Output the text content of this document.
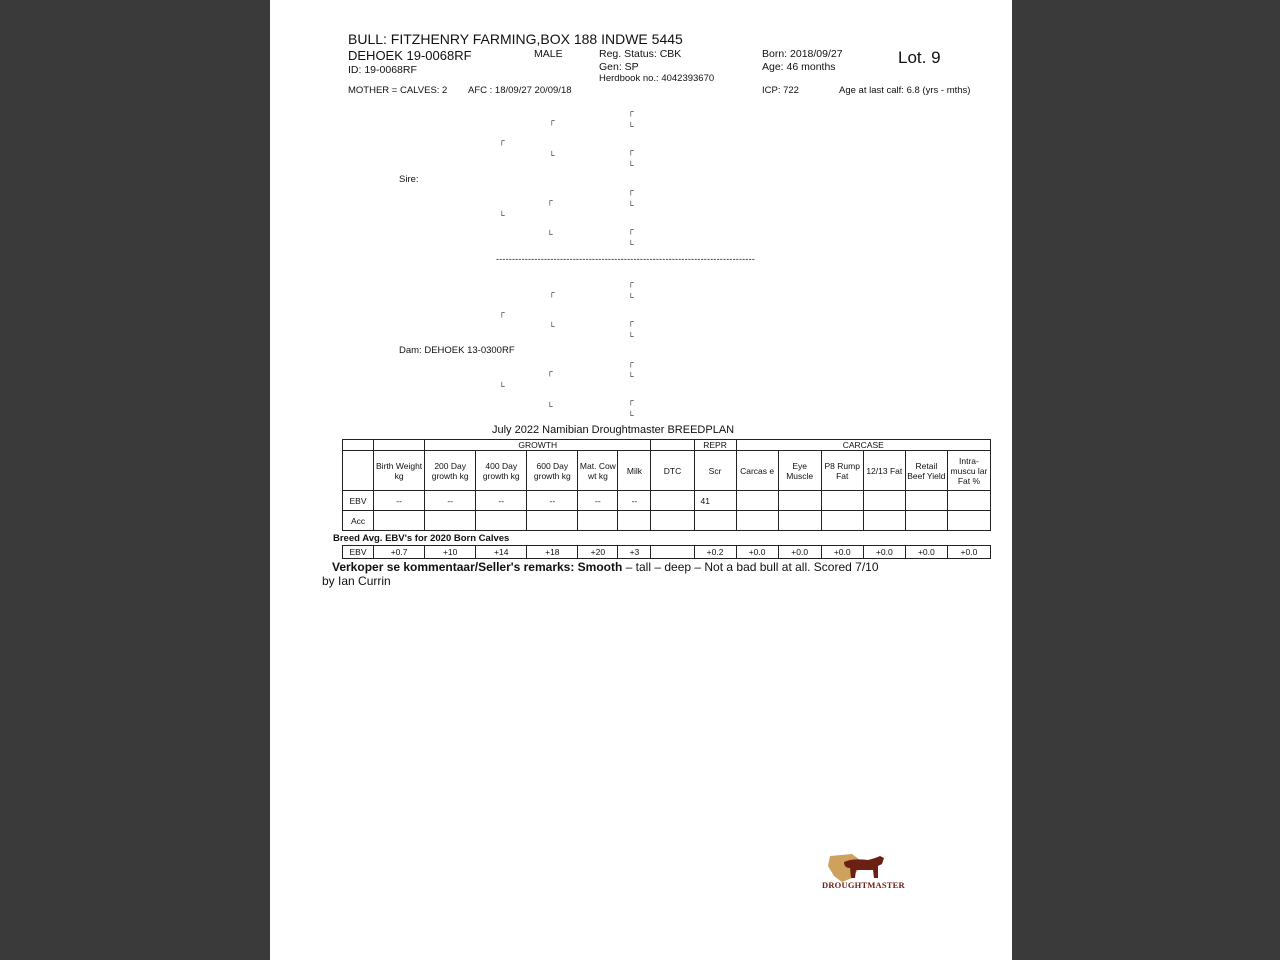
BULL: FITZHENRY FARMING,BOX 188 INDWE 5445
DEHOEK 19-0068RF	MALE	Reg. Status: CBK	Born: 2018/09/27	Lot. 9
ID: 19-0068RF	Gen: SP	Age: 46 months
Herdbook no.: 4042393670
MOTHER = CALVES: 2 AFC : 18/09/27 20/09/18	ICP: 722	Age at last calf: 6.8 (yrs - mths)
┌
┌
└
┌
┌
└
└
Sire:
┌
┌
└
└
┌
└
└
---------------------------------------------------------------------------------
┌
┌
└
┌
┌
└
└
Dam: DEHOEK 13-0300RF
┌
┌
└
└
┌
└
└
July 2022 Namibian Droughtmaster BREEDPLAN
		GROWTH						REPR	CARCASE					
	Birth Weight kg	200 Day growth kg	400 Day growth kg	600 Day growth kg	Mat. Cow wt kg	Milk	DTC	Scr	Carcas e	Eye Muscle	P8 Rump Fat	12/13 Fat	Retail Beef Yield	Intra-muscu lar Fat %
EBV	--	--	--	--	--	--		41						
Acc														
Breed Avg. EBV's for 2020 Born Calves
EBV	+0.7	+10	+14	+18	+20	+3		+0.2	+0.0	+0.0	+0.0	+0.0	+0.0	+0.0
Verkoper se kommentaar/Seller's remarks: Smooth – tall – deep – Not a bad bull at all. Scored 7/10
by Ian Currin
DROUGHTMASTER
